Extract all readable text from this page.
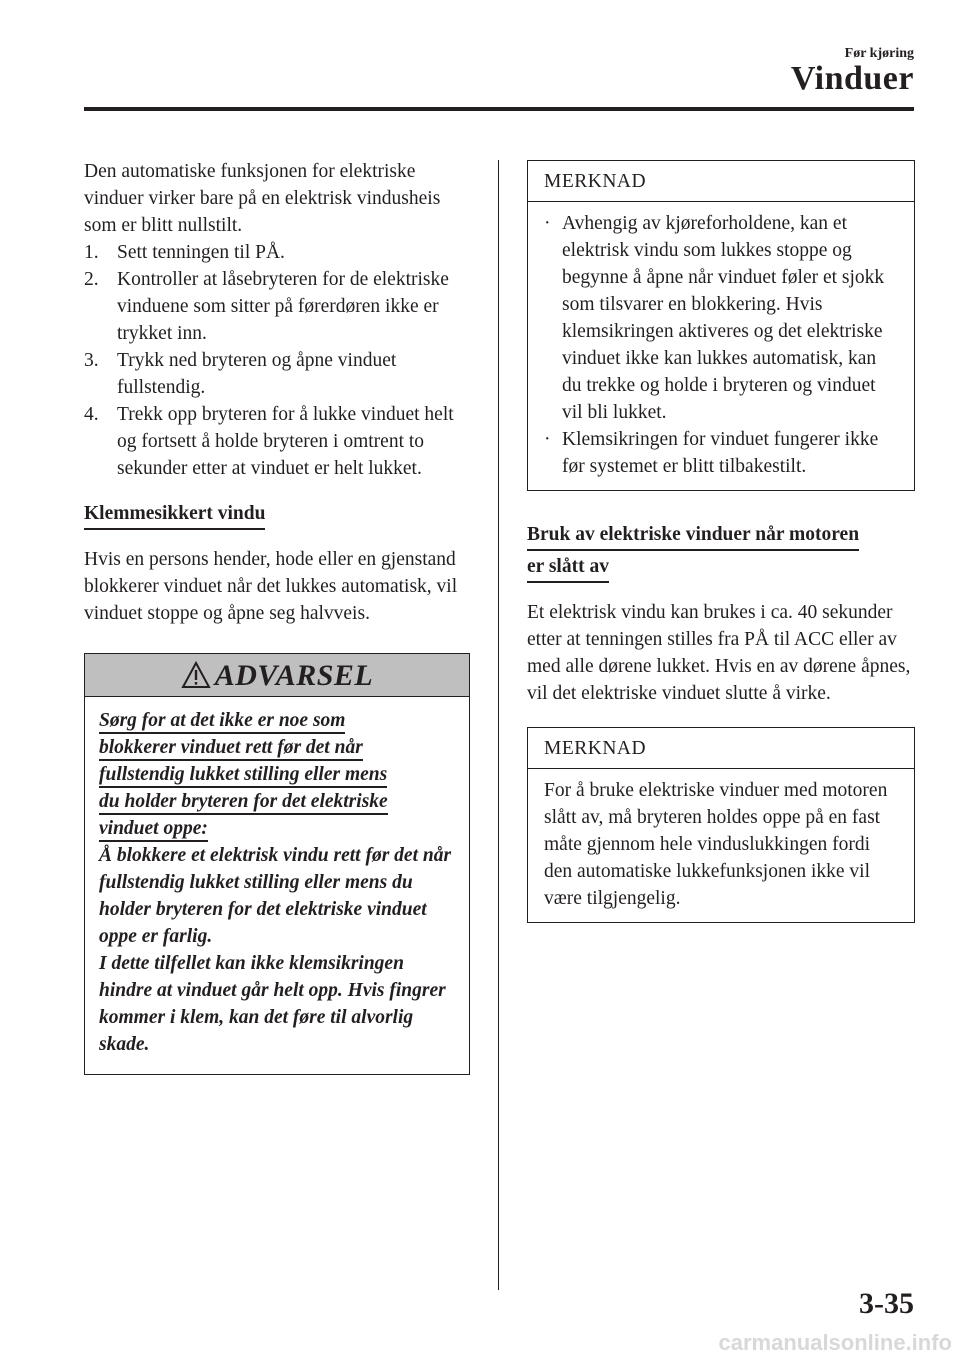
Før kjøring
Vinduer

Den automatiske funksjonen for elektriske vinduer virker bare på en elektrisk vindusheis som er blitt nullstilt.

1. Sett tenningen til PÅ.
2. Kontroller at låsebryteren for de elektriske vinduene som sitter på førerdøren ikke er trykket inn.
3. Trykk ned bryteren og åpne vinduet fullstendig.
4. Trekk opp bryteren for å lukke vinduet helt og fortsett å holde bryteren i omtrent to sekunder etter at vinduet er helt lukket.
Klemmesikkert vindu

Hvis en persons hender, hode eller en gjenstand blokkerer vinduet når det lukkes automatisk, vil vinduet stoppe og åpne seg halvveis.

ADVARSEL
Sørg for at det ikke er noe som
blokkerer vinduet rett før det når
fullstendig lukket stilling eller mens
du holder bryteren for det elektriske
vinduet oppe:

Å blokkere et elektrisk vindu rett før det når fullstendig lukket stilling eller mens du holder bryteren for det elektriske vinduet oppe er farlig.

I dette tilfellet kan ikke klemsikringen hindre at vinduet går helt opp. Hvis fingrer kommer i klem, kan det føre til alvorlig skade.

MERKNAD
· Avhengig av kjøreforholdene, kan et elektrisk vindu som lukkes stoppe og begynne å åpne når vinduet føler et sjokk som tilsvarer en blokkering. Hvis klemsikringen aktiveres og det elektriske vinduet ikke kan lukkes automatisk, kan du trekke og holde i bryteren og vinduet vil bli lukket.
· Klemsikringen for vinduet fungerer ikke før systemet er blitt tilbakestilt.
Bruk av elektriske vinduer når motoren
er slått av

Et elektrisk vindu kan brukes i ca. 40 sekunder etter at tenningen stilles fra PÅ til ACC eller av med alle dørene lukket. Hvis en av dørene åpnes, vil det elektriske vinduet slutte å virke.

MERKNAD

For å bruke elektriske vinduer med motoren slått av, må bryteren holdes oppe på en fast måte gjennom hele vinduslukkingen fordi den automatiske lukkefunksjonen ikke vil være tilgjengelig.

3-35
carmanualsonline.info
